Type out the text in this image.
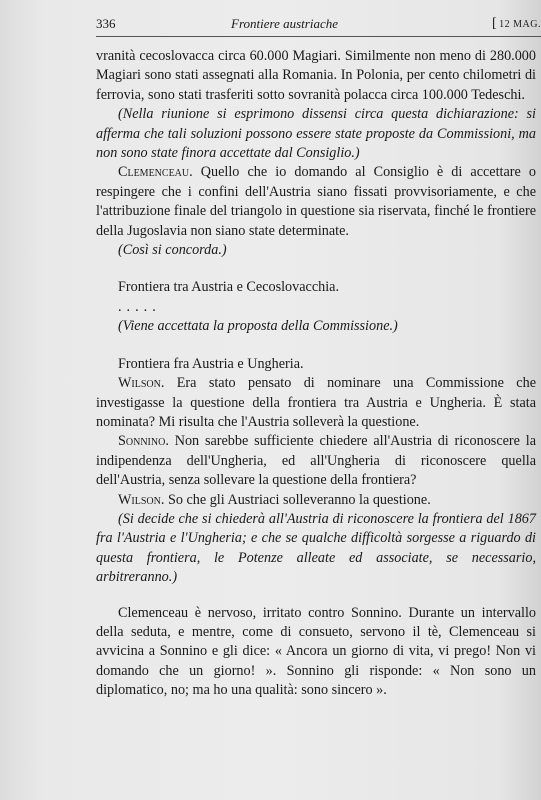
336	Frontiere austriache
[	12 MAG.

vranità cecoslovacca circa 60.000 Magiari. Similmente non meno di 280.000 Magiari sono stati assegnati alla Romania. In Polonia, per cento chilometri di ferrovia, sono stati trasferiti sotto sovranità polacca circa 100.000 Tedeschi.

(Nella riunione si esprimono dissensi circa questa dichiarazione: si afferma che tali soluzioni possono essere state proposte da Commissioni, ma non sono state finora accettate dal Consiglio.)

Clemenceau. Quello che io domando al Consiglio è di accettare o respingere che i confini dell'Austria siano fissati provvisoriamente, e che l'attribuzione finale del triangolo in questione sia riservata, finché le frontiere della Jugoslavia non siano state determinate.

(Così si concorda.)

Frontiera tra Austria e Cecoslovacchia.

.....

(Viene accettata la proposta della Commissione.)

Frontiera fra Austria e Ungheria.

Wilson. Era stato pensato di nominare una Commissione che investigasse la questione della frontiera tra Austria e Ungheria. È stata nominata? Mi risulta che l'Austria solleverà la questione.

Sonnino. Non sarebbe sufficiente chiedere all'Austria di riconoscere la indipendenza dell'Ungheria, ed all'Ungheria di riconoscere quella dell'Austria, senza sollevare la questione della frontiera?

Wilson. So che gli Austriaci solleveranno la questione.

(Si decide che si chiederà all'Austria di riconoscere la frontiera del 1867 fra l'Austria e l'Ungheria; e che se qualche difficoltà sorgesse a riguardo di questa frontiera, le Potenze alleate ed associate, se necessario, arbitreranno.)

Clemenceau è nervoso, irritato contro Sonnino. Durante un intervallo della seduta, e mentre, come di consueto, servono il tè, Clemenceau si avvicina a Sonnino e gli dice: « Ancora un giorno di vita, vi prego! Non vi domando che un giorno! ». Sonnino gli risponde: « Non sono un diplomatico, no; ma ho una qualità: sono sincero ».
